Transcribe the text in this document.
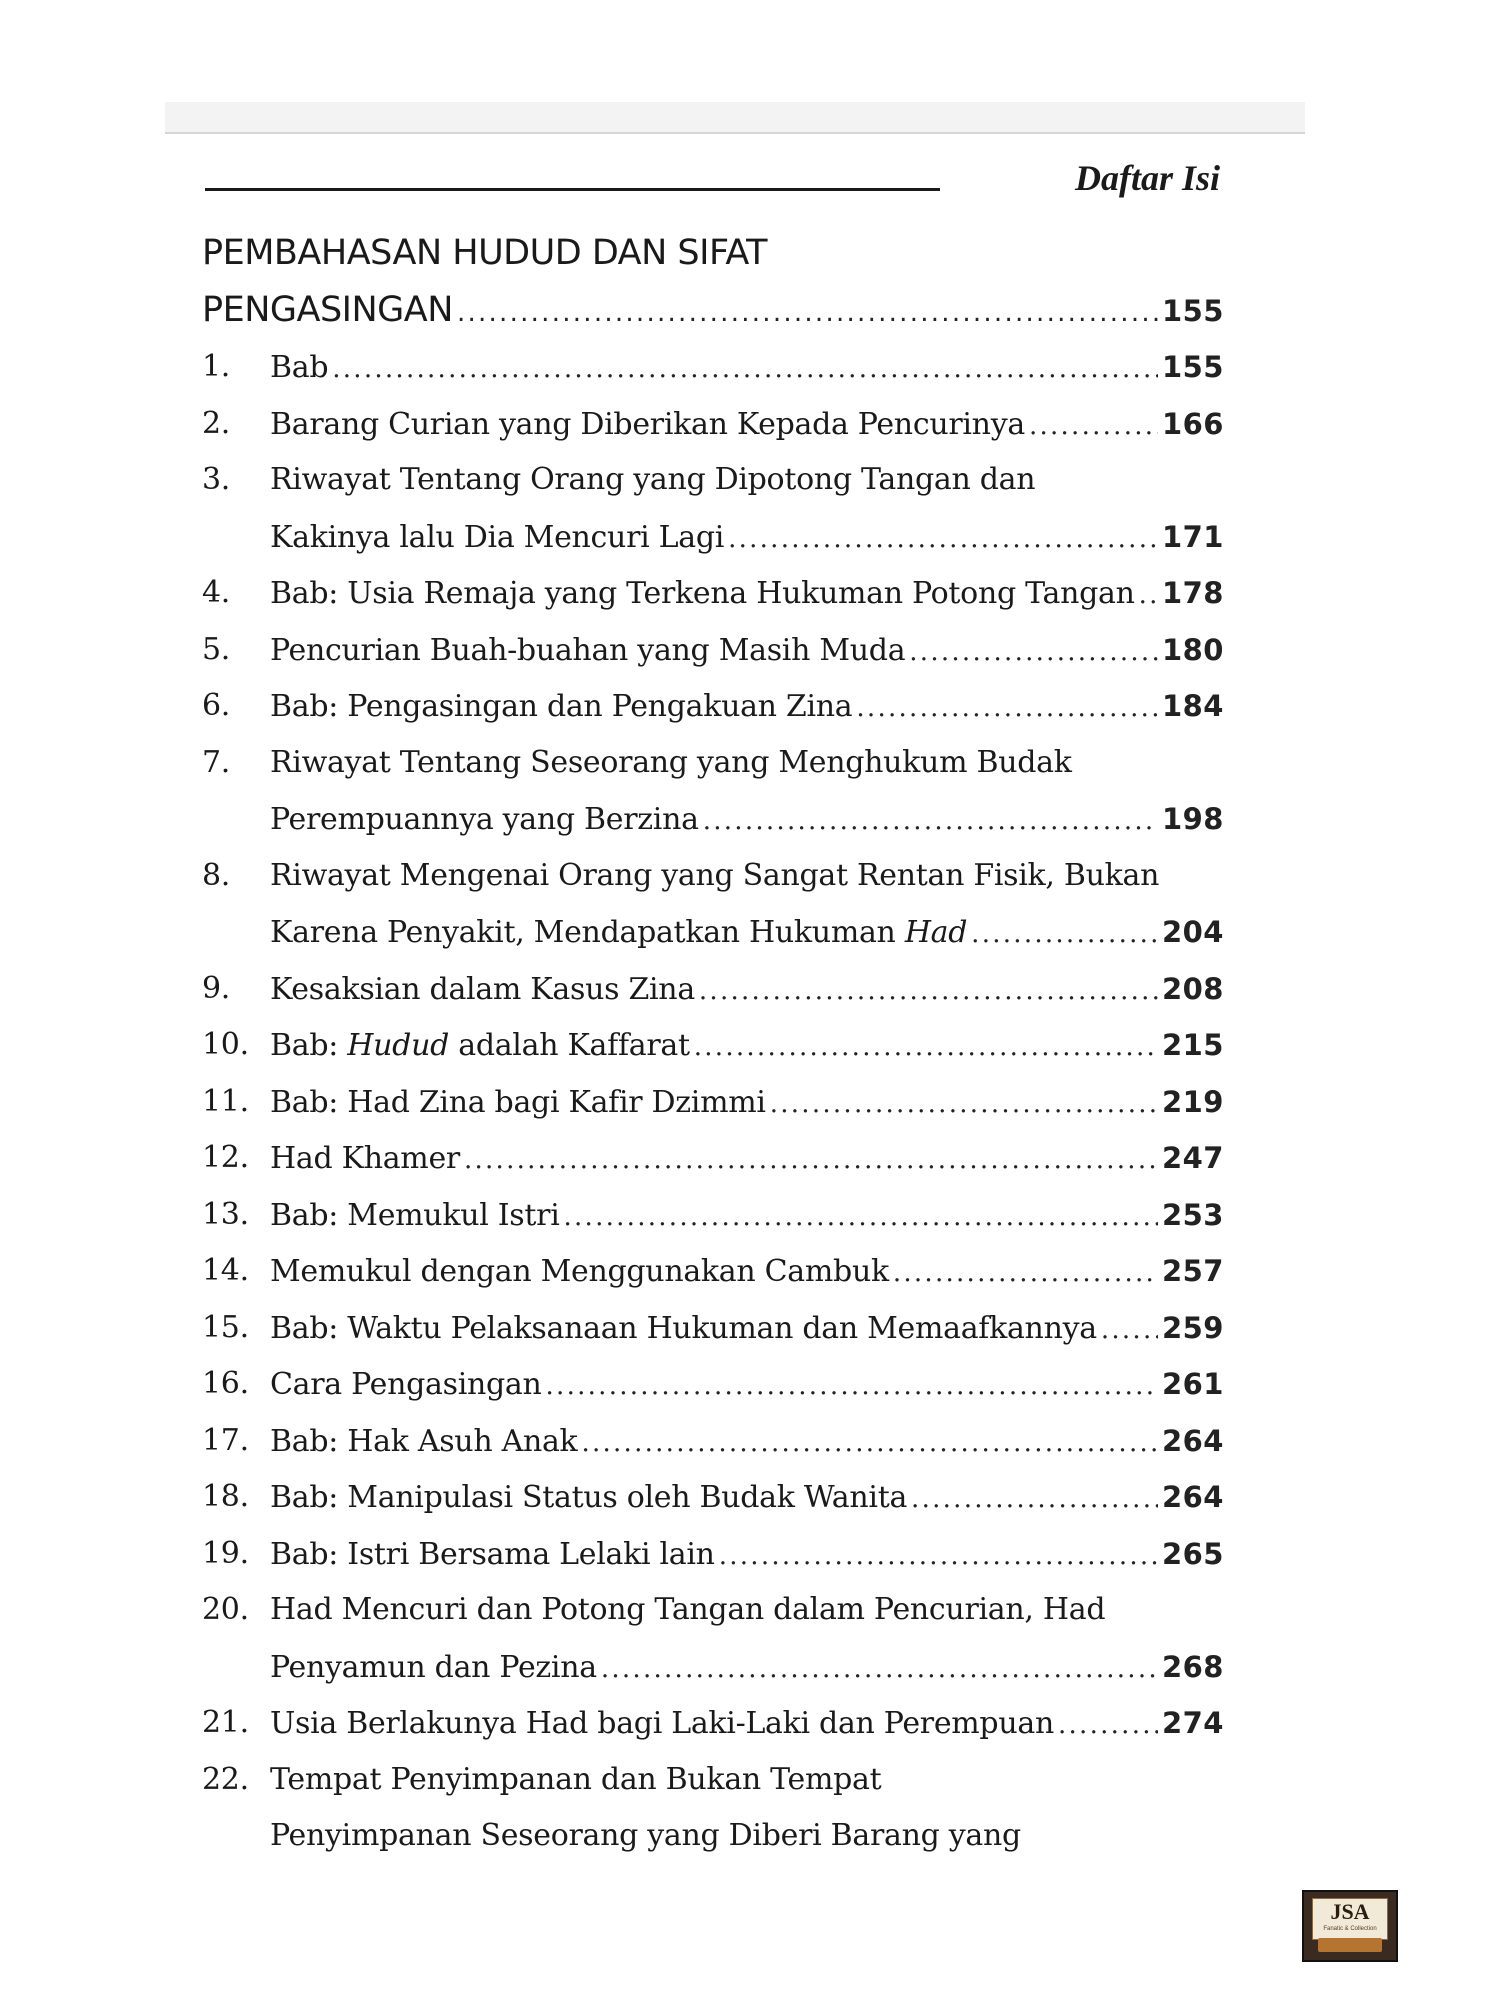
Daftar Isi
PEMBAHASAN HUDUD DAN SIFAT
PENGASINGAN . . .	155
1.	Bab . . .	155
2.	Barang Curian yang Diberikan Kepada Pencurinya . . .	166
3.	Riwayat Tentang Orang yang Dipotong Tangan dan
Kakinya lalu Dia Mencuri Lagi . . .	171
4.	Bab: Usia Remaja yang Terkena Hukuman Potong Tangan . . . 178
5.	Pencurian Buah-buahan yang Masih Muda . . .	180
6.	Bab: Pengasingan dan Pengakuan Zina . . .	184
7.	Riwayat Tentang Seseorang yang Menghukum Budak
Perempuannya yang Berzina . . .	198
8.	Riwayat Mengenai Orang yang Sangat Rentan Fisik, Bukan
Karena Penyakit, Mendapatkan Hukuman Had . . .	204
9.	Kesaksian dalam Kasus Zina . . .	208
10. Bab: Hudud adalah Kaffarat . . .	215
11. Bab: Had Zina bagi Kafir Dzimmi . . .	219
12. Had Khamer . . .	247
13. Bab: Memukul Istri . . .	253
14. Memukul dengan Menggunakan Cambuk . . .	257
15. Bab: Waktu Pelaksanaan Hukuman dan Memaafkannya . . . 259
16. Cara Pengasingan . . .	261
17. Bab: Hak Asuh Anak . . .	264
18. Bab: Manipulasi Status oleh Budak Wanita . . .	264
19. Bab: Istri Bersama Lelaki lain . . .	265
20. Had Mencuri dan Potong Tangan dalam Pencurian, Had
Penyamun dan Pezina . . .	268
21. Usia Berlakunya Had bagi Laki-Laki dan Perempuan . . .	274
22. Tempat Penyimpanan dan Bukan Tempat
Penyimpanan Seseorang yang Diberi Barang yang
JSA
Fanatic & Collection
